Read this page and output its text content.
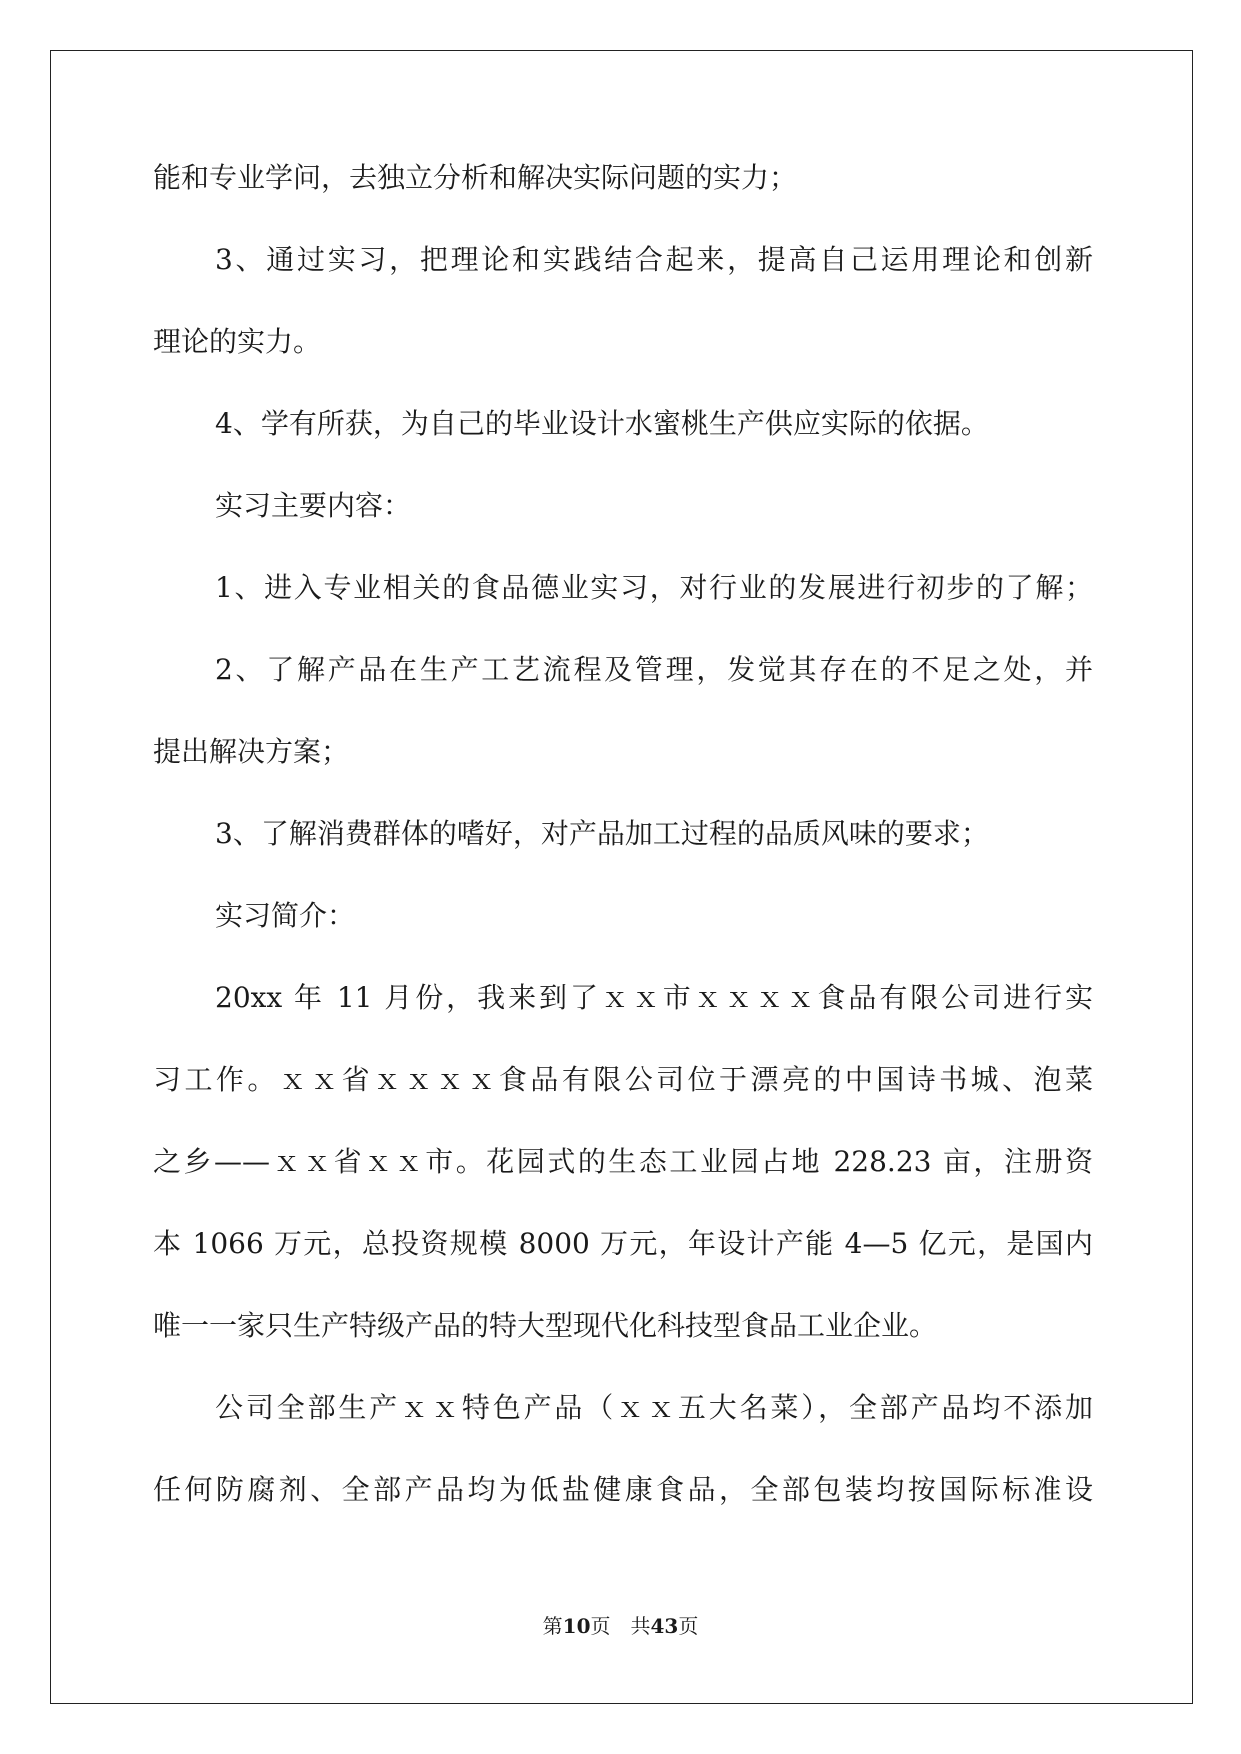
能和专业学问，去独立分析和解决实际问题的实力；
3、通过实习，把理论和实践结合起来，提高自己运用理论和创新
理论的实力。
4、学有所获，为自己的毕业设计水蜜桃生产供应实际的依据。
实习主要内容：
1、进入专业相关的食品德业实习，对行业的发展进行初步的了解；
2、了解产品在生产工艺流程及管理，发觉其存在的不足之处，并
提出解决方案；
3、了解消费群体的嗜好，对产品加工过程的品质风味的要求；
实习简介：
20xx 年 11 月份，我来到了ｘｘ市ｘｘｘｘ食品有限公司进行实
习工作。ｘｘ省ｘｘｘｘ食品有限公司位于漂亮的中国诗书城、泡菜
之乡——ｘｘ省ｘｘ市。花园式的生态工业园占地 228.23 亩，注册资
本 1066 万元，总投资规模 8000 万元，年设计产能 4—5 亿元，是国内
唯一一家只生产特级产品的特大型现代化科技型食品工业企业。
公司全部生产ｘｘ特色产品（ｘｘ五大名菜），全部产品均不添加
任何防腐剂、全部产品均为低盐健康食品，全部包装均按国际标准设
第10页 共43页
